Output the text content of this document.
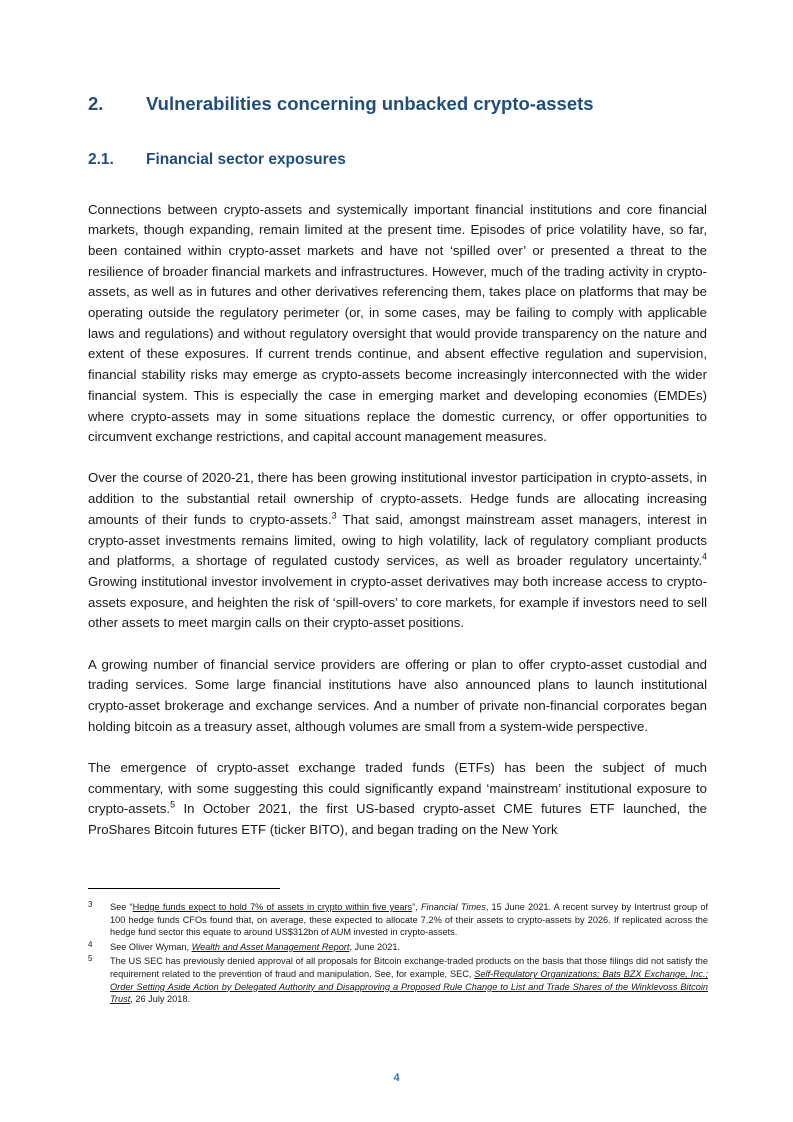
2.	Vulnerabilities concerning unbacked crypto-assets
2.1.	Financial sector exposures

Connections between crypto-assets and systemically important financial institutions and core financial markets, though expanding, remain limited at the present time. Episodes of price volatility have, so far, been contained within crypto-asset markets and have not ‘spilled over’ or presented a threat to the resilience of broader financial markets and infrastructures. However, much of the trading activity in crypto-assets, as well as in futures and other derivatives referencing them, takes place on platforms that may be operating outside the regulatory perimeter (or, in some cases, may be failing to comply with applicable laws and regulations) and without regulatory oversight that would provide transparency on the nature and extent of these exposures. If current trends continue, and absent effective regulation and supervision, financial stability risks may emerge as crypto-assets become increasingly interconnected with the wider financial system. This is especially the case in emerging market and developing economies (EMDEs) where crypto-assets may in some situations replace the domestic currency, or offer opportunities to circumvent exchange restrictions, and capital account management measures.

Over the course of 2020-21, there has been growing institutional investor participation in crypto-assets, in addition to the substantial retail ownership of crypto-assets. Hedge funds are allocating increasing amounts of their funds to crypto-assets.$^3$ That said, amongst mainstream asset managers, interest in crypto-asset investments remains limited, owing to high volatility, lack of regulatory compliant products and platforms, a shortage of regulated custody services, as well as broader regulatory uncertainty.$^4$ Growing institutional investor involvement in crypto-asset derivatives may both increase access to crypto-assets exposure, and heighten the risk of ‘spill-overs’ to core markets, for example if investors need to sell other assets to meet margin calls on their crypto-asset positions.

A growing number of financial service providers are offering or plan to offer crypto-asset custodial and trading services. Some large financial institutions have also announced plans to launch institutional crypto-asset brokerage and exchange services. And a number of private non-financial corporates began holding bitcoin as a treasury asset, although volumes are small from a system-wide perspective.

The emergence of crypto-asset exchange traded funds (ETFs) has been the subject of much commentary, with some suggesting this could significantly expand ‘mainstream’ institutional exposure to crypto-assets.$^5$ In October 2021, the first US-based crypto-asset CME futures ETF launched, the ProShares Bitcoin futures ETF (ticker BITO), and began trading on the New York

3	See “Hedge funds expect to hold 7% of assets in crypto within five years”, Financial Times, 15 June 2021. A recent survey by Intertrust group of 100 hedge funds CFOs found that, on average, these expected to allocate 7.2% of their assets to crypto-assets by 2026. If replicated across the hedge fund sector this equate to around US$312bn of AUM invested in crypto-assets.
4	See Oliver Wyman, Wealth and Asset Management Report, June 2021.
5	The US SEC has previously denied approval of all proposals for Bitcoin exchange-traded products on the basis that those filings did not satisfy the requirement related to the prevention of fraud and manipulation. See, for example, SEC, Self-Regulatory Organizations; Bats BZX Exchange, Inc.; Order Setting Aside Action by Delegated Authority and Disapproving a Proposed Rule Change to List and Trade Shares of the Winklevoss Bitcoin Trust, 26 July 2018.
4
